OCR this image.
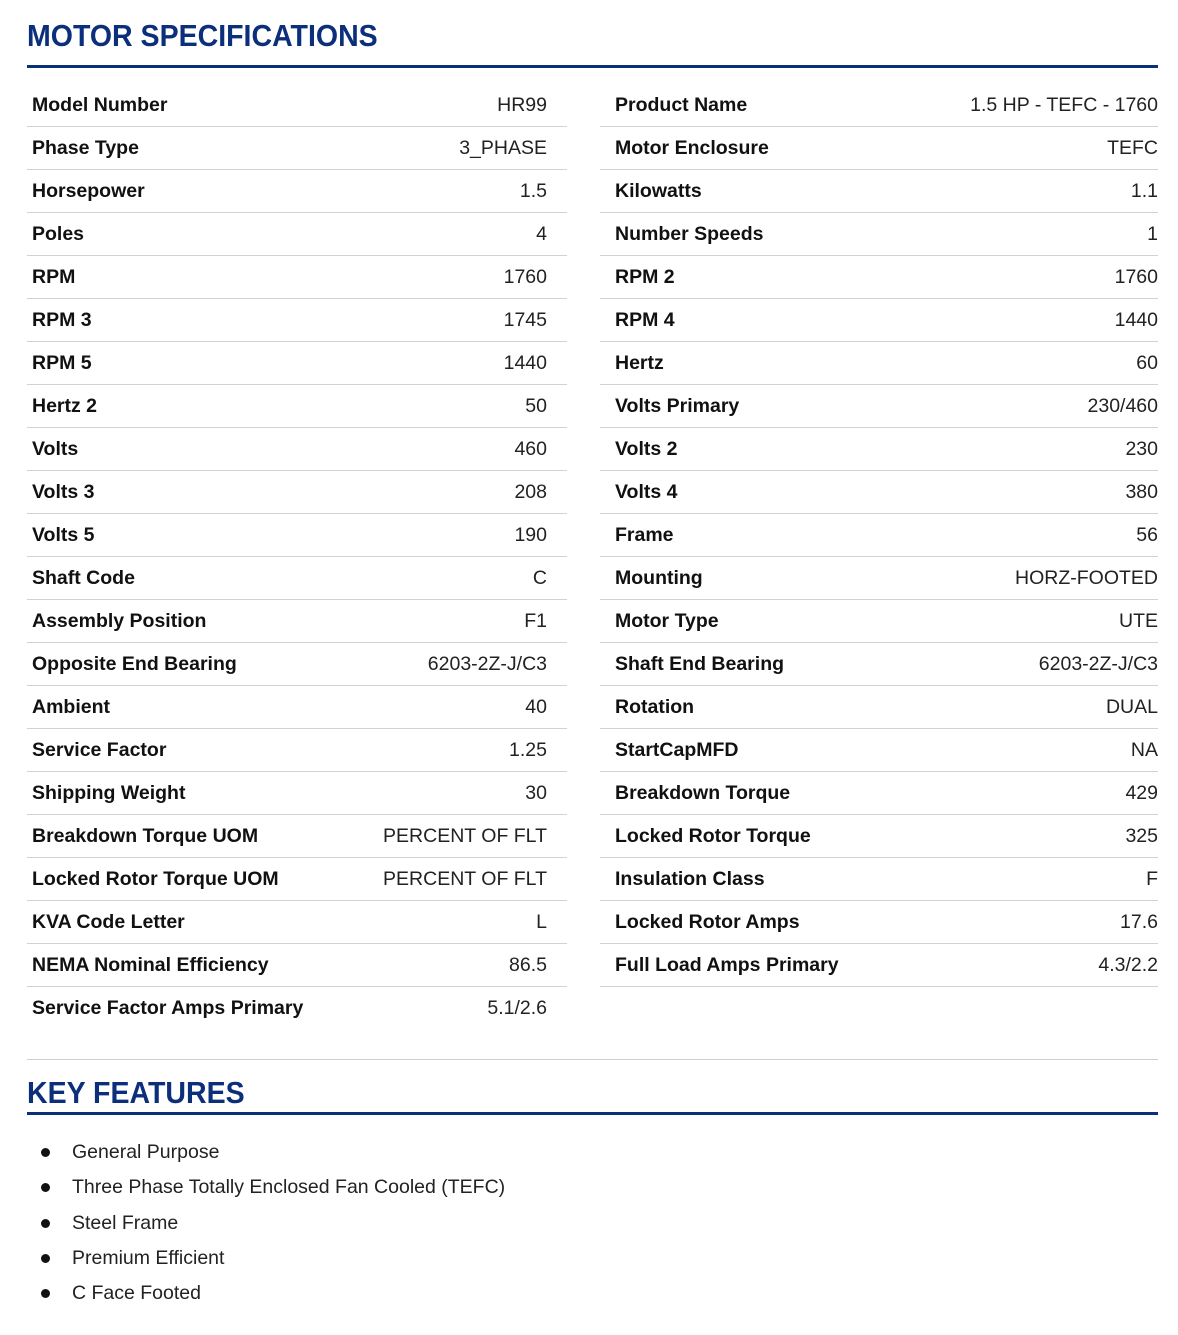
MOTOR SPECIFICATIONS
Model Number	HR99
Phase Type	3_PHASE
Horsepower	1.5
Poles	4
RPM	1760
RPM 3	1745
RPM 5	1440
Hertz 2	50
Volts	460
Volts 3	208
Volts 5	190
Shaft Code	C
Assembly Position	F1
Opposite End Bearing	6203-2Z-J/C3
Ambient	40
Service Factor	1.25
Shipping Weight	30
Breakdown Torque UOM	PERCENT OF FLT
Locked Rotor Torque UOM	PERCENT OF FLT
KVA Code Letter	L
NEMA Nominal Efficiency	86.5
Service Factor Amps Primary	5.1/2.6
Product Name	1.5 HP - TEFC - 1760
Motor Enclosure	TEFC
Kilowatts	1.1
Number Speeds	1
RPM 2	1760
RPM 4	1440
Hertz	60
Volts Primary	230/460
Volts 2	230
Volts 4	380
Frame	56
Mounting	HORZ-FOOTED
Motor Type	UTE
Shaft End Bearing	6203-2Z-J/C3
Rotation	DUAL
StartCapMFD	NA
Breakdown Torque	429
Locked Rotor Torque	325
Insulation Class	F
Locked Rotor Amps	17.6
Full Load Amps Primary	4.3/2.2
KEY FEATURES
General Purpose
Three Phase Totally Enclosed Fan Cooled (TEFC)
Steel Frame
Premium Efficient
C Face Footed
